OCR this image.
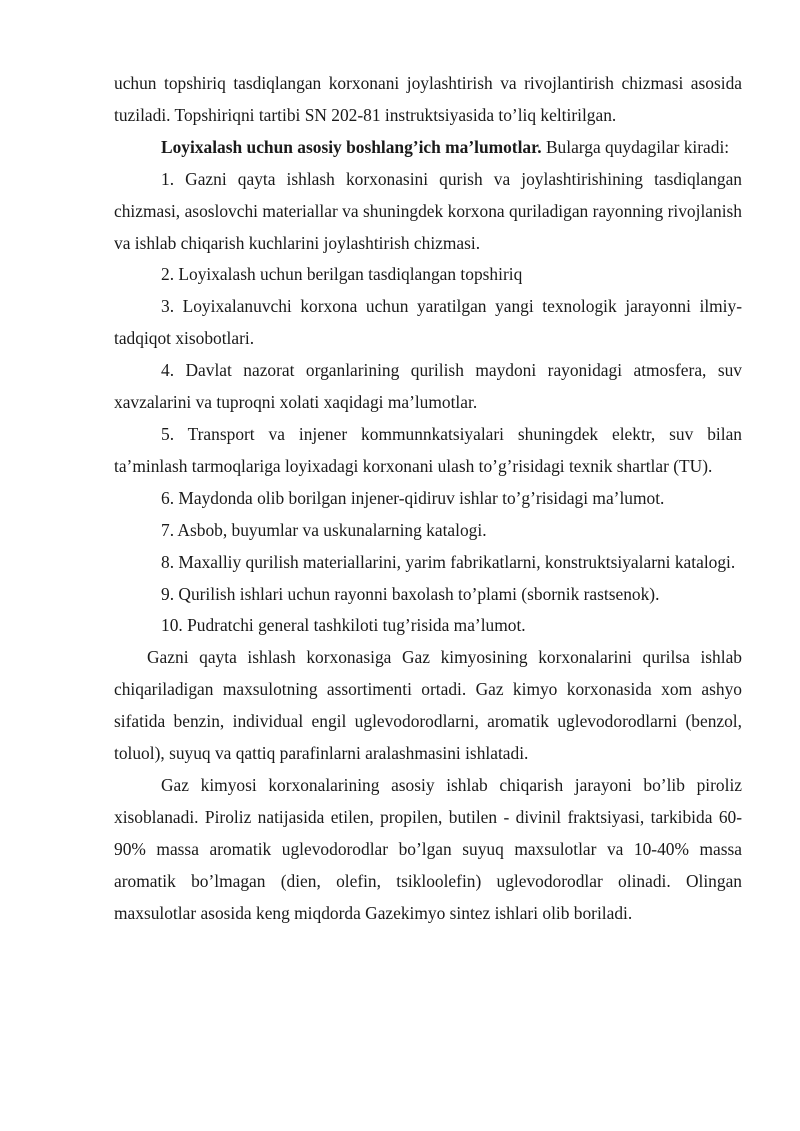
uchun topshiriq tasdiqlangan korxonani joylashtirish va rivojlantirish chizmasi asosida tuziladi. Topshiriqni tartibi SN 202-81 instruktsiyasida to’liq keltirilgan.

Loyixalash uchun asosiy boshlang’ich ma’lumotlar. Bularga quydagilar kiradi:

1. Gazni qayta ishlash korxonasini qurish va joylashtirishining tasdiqlangan chizmasi, asoslovchi materiallar va shuningdek korxona quriladigan rayonning rivojlanish va ishlab chiqarish kuchlarini joylashtirish chizmasi.

2. Loyixalash uchun berilgan tasdiqlangan topshiriq

3. Loyixalanuvchi korxona uchun yaratilgan yangi texnologik jarayonni ilmiy-tadqiqot xisobotlari.

4. Davlat nazorat organlarining qurilish maydoni rayonidagi atmosfera, suv xavzalarini va tuproqni xolati xaqidagi ma’lumotlar.

5. Transport va injener kommunnkatsiyalari shuningdek elektr, suv bilan ta’minlash tarmoqlariga loyixadagi korxonani ulash to’g’risidagi texnik shartlar (TU).

6. Maydonda olib borilgan injener-qidiruv ishlar to’g’risidagi ma’lumot.

7. Asbob, buyumlar va uskunalarning katalogi.

8. Maxalliy qurilish materiallarini, yarim fabrikatlarni, konstruktsiyalarni katalogi.

9. Qurilish ishlari uchun rayonni baxolash to’plami (sbornik rastsenok).

10. Pudratchi general tashkiloti tug’risida ma’lumot.

Gazni qayta ishlash korxonasiga Gaz kimyosining korxonalarini qurilsa ishlab chiqariladigan maxsulotning assortimenti ortadi. Gaz kimyo korxonasida xom ashyo sifatida benzin, individual engil uglevodorodlarni, aromatik uglevodorodlarni (benzol, toluol), suyuq va qattiq parafinlarni aralashmasini ishlatadi.

Gaz kimyosi korxonalarining asosiy ishlab chiqarish jarayoni bo’lib piroliz xisoblanadi. Piroliz natijasida etilen, propilen, butilen - divinil fraktsiyasi, tarkibida 60-90% massa aromatik uglevodorodlar bo’lgan suyuq maxsulotlar va 10-40% massa aromatik bo’lmagan (dien, olefin, tsikloolefin) uglevodorodlar olinadi. Olingan maxsulotlar asosida keng miqdorda Gazekimyo sintez ishlari olib boriladi.
